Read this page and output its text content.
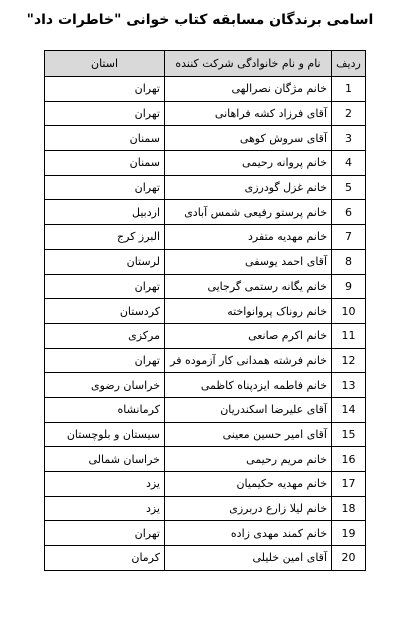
اسامی برندگان مسابقه کتاب خوانی "خاطرات داد"
ردیف	نام و نام خانوادگی شرکت کننده	استان
1	خانم مژگان نصرالهی	تهران
2	آقای فرزاد کشه فراهانی	تهران
3	آقای سروش کوهی	سمنان
4	خانم پروانه رحیمی	سمنان
5	خانم غزل گودرزی	تهران
6	خانم پرستو رفیعی شمس آبادی	اردبیل
7	خانم مهدیه متفرد	البرز کرج
8	آقای احمد یوسفی	لرستان
9	خانم یگانه رستمی گرجایی	تهران
10	خانم روناک پروانواخته	کردستان
11	خانم اکرم صانعی	مرکزی
12	خانم فرشته همدانی کار آزموده فر	تهران
13	خانم فاطمه ایزدپناه کاظمی	خراسان رضوی
14	آقای علیرضا اسکندریان	کرمانشاه
15	آقای امیر حسین معینی	سیستان و بلوچستان
16	خانم مریم رحیمی	خراسان شمالی
17	خانم مهدیه حکیمیان	یزد
18	خانم لیلا زارع دربرزی	یزد
19	خانم کمند مهدی زاده	تهران
20	آقای امین خلیلی	کرمان
